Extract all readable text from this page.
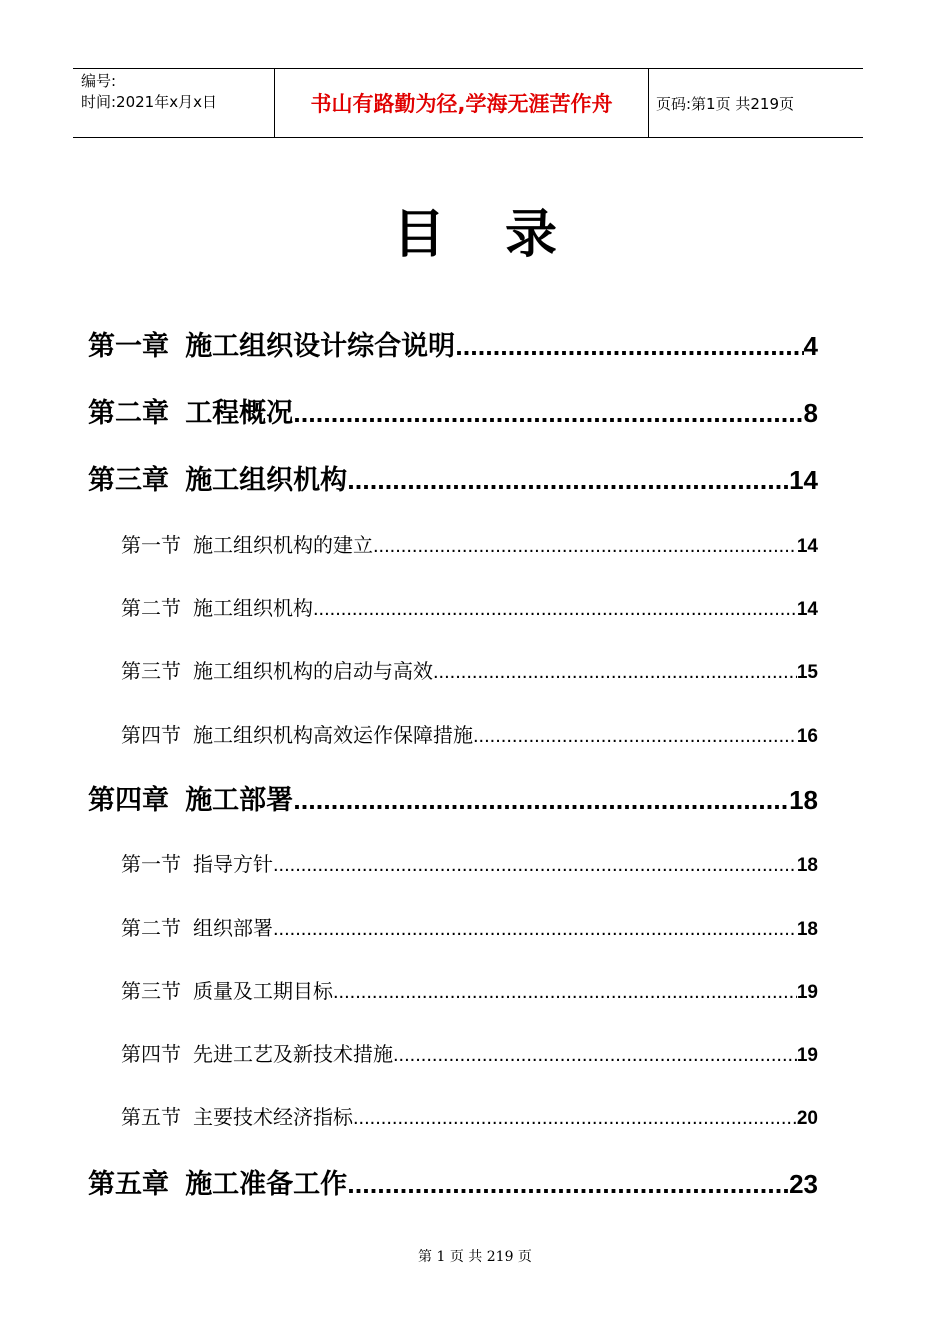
编号:
时间:2021年x月x日	书山有路勤为径,学海无涯苦作舟	页码:第1页 共219页
目录
第一章 施工组织设计综合说明 .....	4
第二章 工程概况 .....	8
第三章 施工组织机构 .....	14
第一节 施工组织机构的建立 .....	14
第二节 施工组织机构 .....	14
第三节 施工组织机构的启动与高效 .....	15
第四节 施工组织机构高效运作保障措施 .....	16
第四章 施工部署 .....	18
第一节 指导方针 .....	18
第二节 组织部署 .....	18
第三节 质量及工期目标 .....	19
第四节 先进工艺及新技术措施 .....	19
第五节 主要技术经济指标 .....	20
第五章 施工准备工作 .....	23
第 1 页 共 219 页
